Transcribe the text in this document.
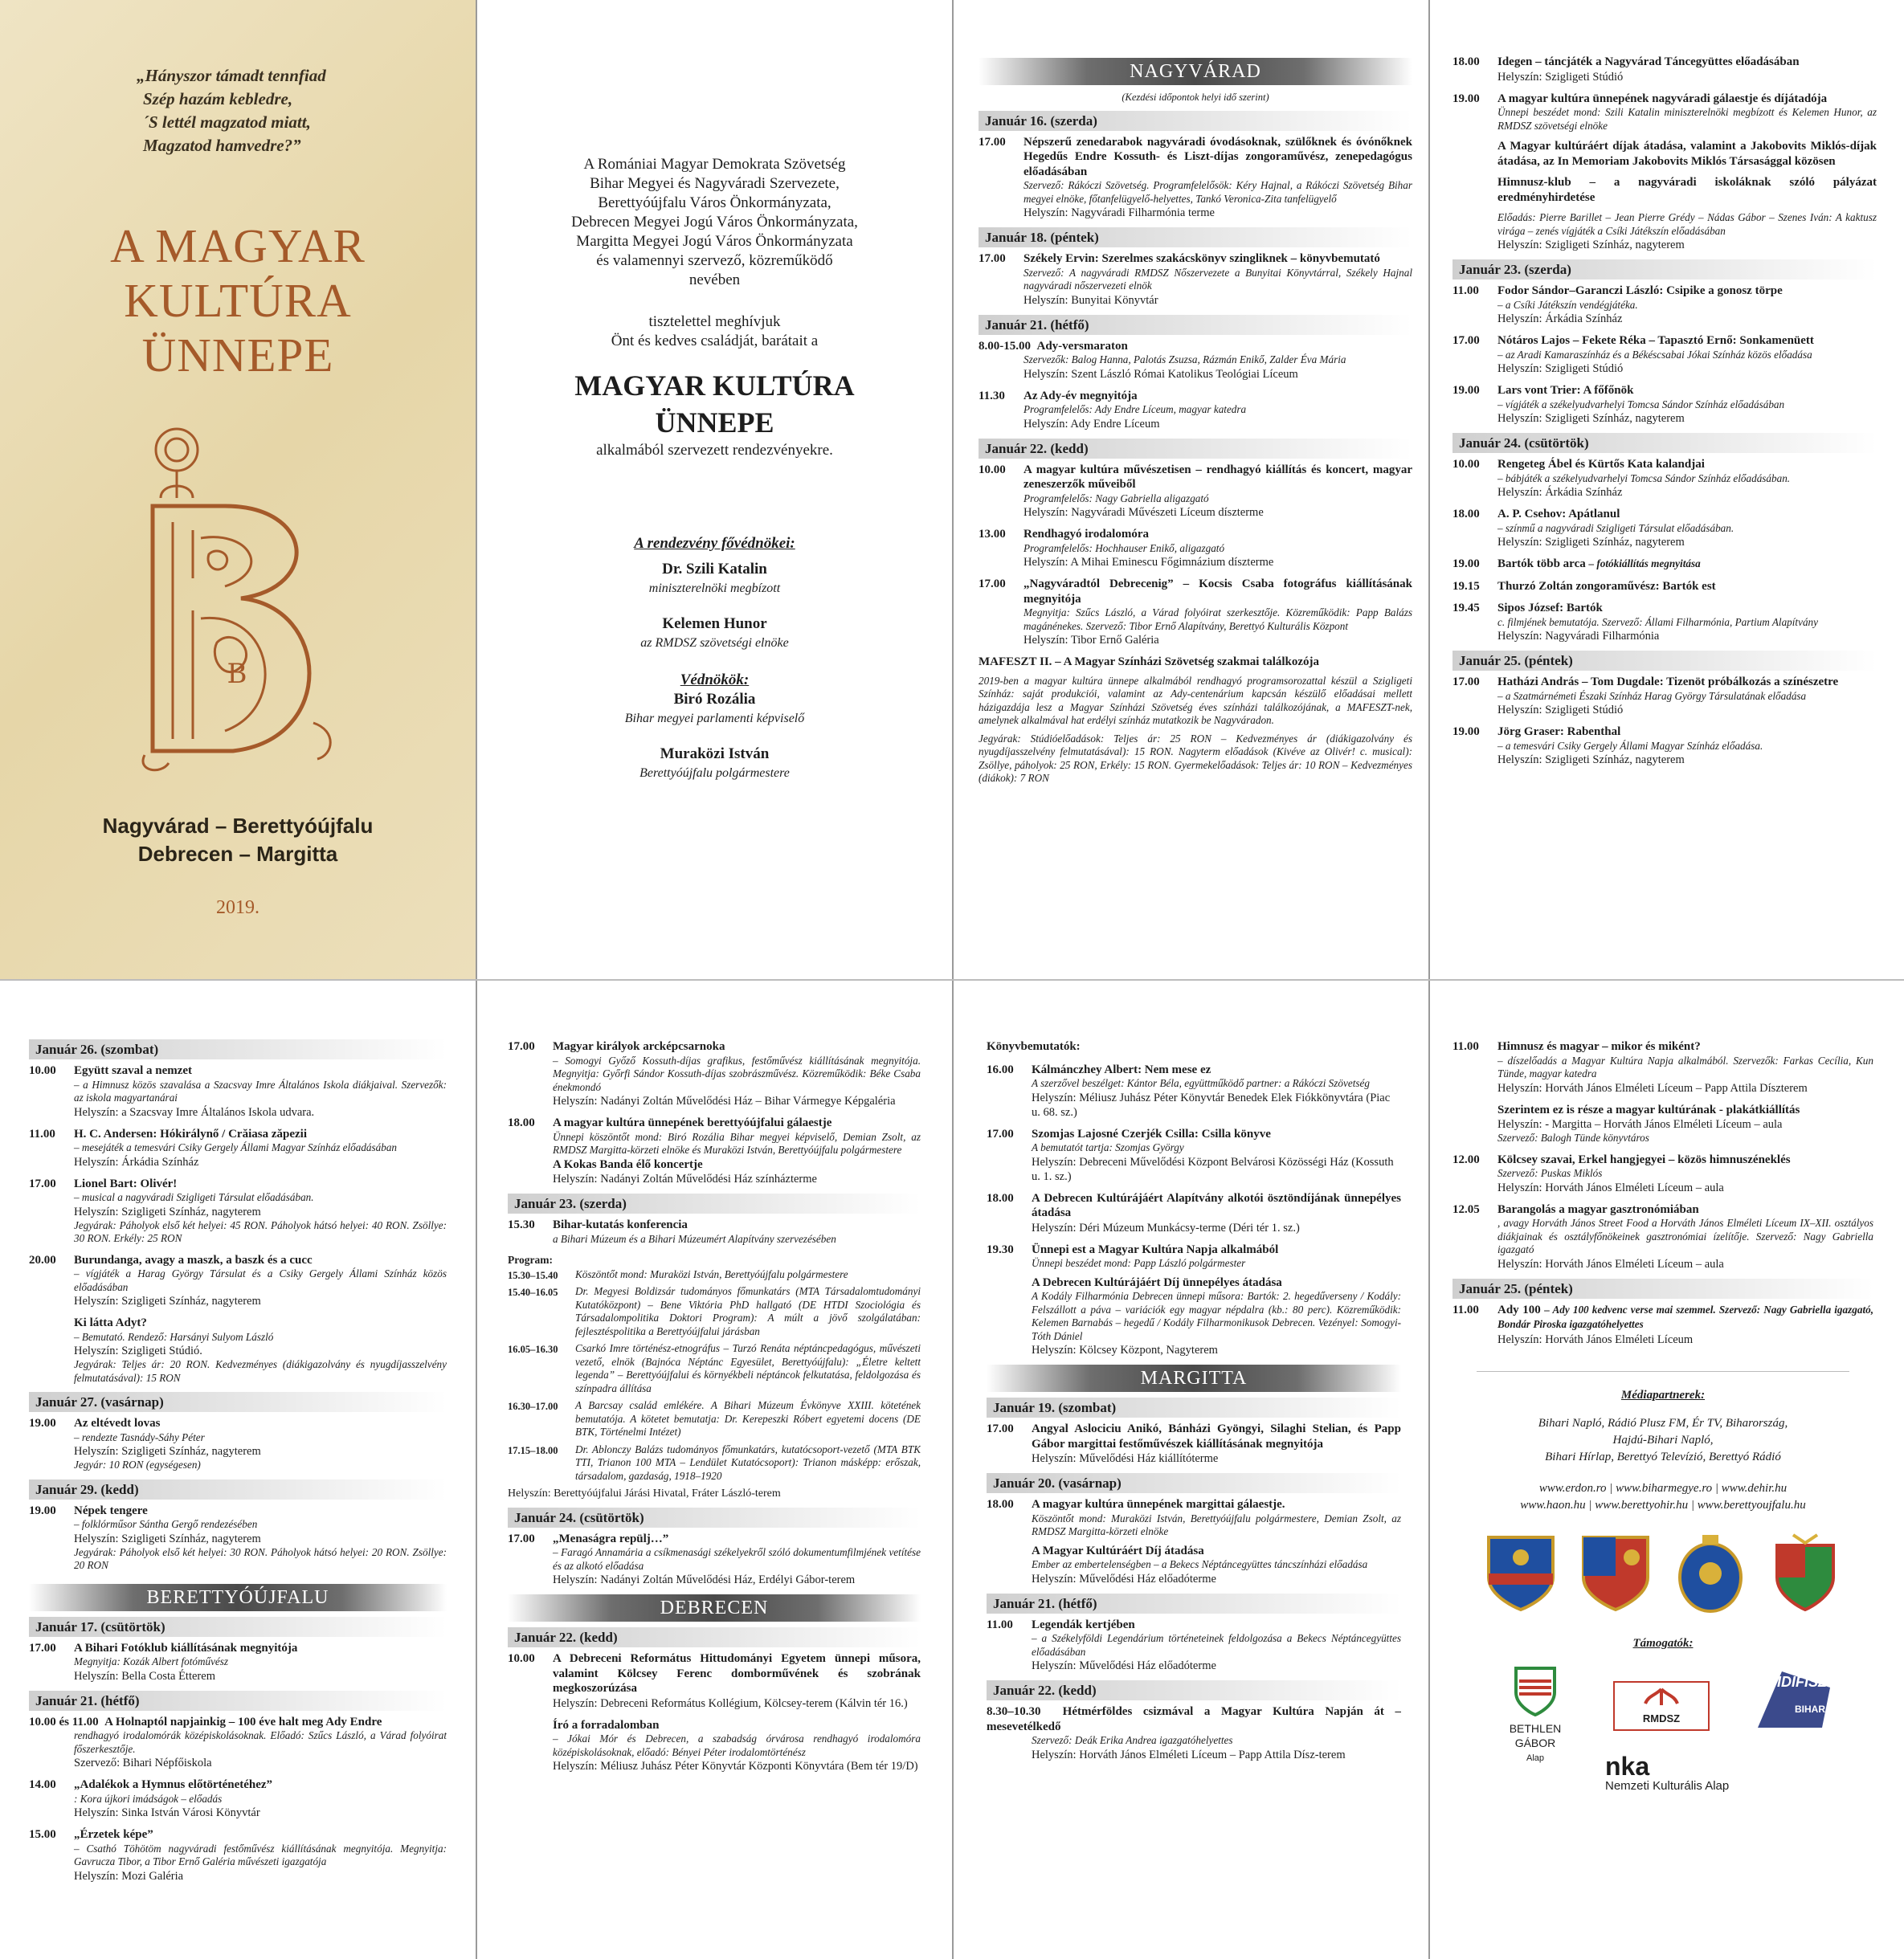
„Hányszor támadt tennfiad
Szép hazám kebledre,
´S lettél magzatod miatt,
Magzatod hamvedre?”
A MAGYAR
KULTÚRA
ÜNNEPE
B
Nagyvárad – Berettyóújfalu
Debrecen – Margitta
2019.
A Romániai Magyar Demokrata Szövetség
Bihar Megyei és Nagyváradi Szervezete,
Berettyóújfalu Város Önkormányzata,
Debrecen Megyei Jogú Város Önkormányzata,
Margitta Megyei Jogú Város Önkormányzata
és valamennyi szervező, közreműködő
nevében
tisztelettel meghívjuk
Önt és kedves családját, barátait a
MAGYAR KULTÚRA
ÜNNEPE
alkalmából szervezett rendezvényekre.
A rendezvény fővédnökei:
Dr. Szili Katalin
miniszterelnöki megbízott
Kelemen Hunor
az RMDSZ szövetségi elnöke
Védnökök:
Biró Rozália
Bihar megyei parlamenti képviselő
Muraközi István
Berettyóújfalu polgármestere
NAGYVÁRAD
(Kezdési időpontok helyi idő szerint)
Január 16. (szerda)
17.00 Népszerű zenedarabok nagyváradi óvodásoknak, szülőknek és óvónőknek Hegedűs Endre Kossuth- és Liszt-díjas zongoraművész, zenepedagógus előadásában
Szervező: Rákóczi Szövetség. Programfelelősök: Kéry Hajnal, a Rákóczi Szövetség Bihar megyei elnöke, főtanfelügyelő-helyettes, Tankó Veronica-Zita tanfelügyelő
Helyszín: Nagyváradi Filharmónia terme
Január 18. (péntek)
17.00 Székely Ervin: Szerelmes szakácskönyv szingliknek – könyvbemutató
Szervező: A nagyváradi RMDSZ Nőszervezete a Bunyitai Könyvtárral, Székely Hajnal nagyváradi nőszervezeti elnök
Helyszín: Bunyitai Könyvtár
Január 21. (hétfő)
8.00-15.00 Ady-versmaraton
Szervezők: Balog Hanna, Palotás Zsuzsa, Rázmán Enikő, Zalder Éva Mária
Helyszín: Szent László Római Katolikus Teológiai Líceum
11.30 Az Ady-év megnyitója
Programfelelős: Ady Endre Líceum, magyar katedra
Helyszín: Ady Endre Líceum
Január 22. (kedd)
10.00 A magyar kultúra művészetisen – rendhagyó kiállítás és koncert, magyar zeneszerzők műveiből
Programfelelős: Nagy Gabriella aligazgató
Helyszín: Nagyváradi Művészeti Líceum díszterme
13.00 Rendhagyó irodalomóra
Programfelelős: Hochhauser Enikő, aligazgató
Helyszín: A Mihai Eminescu Főgimnázium díszterme
17.00 „Nagyváradtól Debrecenig” – Kocsis Csaba fotográfus kiállításának megnyitója
Megnyitja: Szűcs László, a Várad folyóirat szerkesztője. Közreműködik: Papp Balázs magánénekes. Szervező: Tibor Ernő Alapítvány, Berettyó Kulturális Központ
Helyszín: Tibor Ernő Galéria
MAFESZT II. – A Magyar Színházi Szövetség szakmai találkozója
2019-ben a magyar kultúra ünnepe alkalmából rendhagyó programsorozattal készül a Szigligeti Színház: saját produkciói, valamint az Ady-centenárium kapcsán készülő előadásai mellett házigazdája lesz a Magyar Színházi Szövetség éves színházi találkozójának, a MAFESZT-nek, amelynek alkalmával hat erdélyi színház mutatkozik be Nagyváradon.
Jegyárak: Stúdióelőadások: Teljes ár: 25 RON – Kedvezményes ár (diákigazolvány és nyugdíjasszelvény felmutatásával): 15 RON. Nagyterm előadások (Kivéve az Olivér! c. musical): Zsöllye, páholyok: 25 RON, Erkély: 15 RON. Gyermekelőadások: Teljes ár: 10 RON – Kedvezményes (diákok): 7 RON
18.00 Idegen – táncjáték a Nagyvárad Táncegyüttes előadásában
Helyszín: Szigligeti Stúdió
19.00 A magyar kultúra ünnepének nagyváradi gálaestje és díjátadója
Ünnepi beszédet mond: Szili Katalin miniszterelnöki megbízott és Kelemen Hunor, az RMDSZ szövetségi elnöke
A Magyar kultúráért díjak átadása, valamint a Jakobovits Miklós-díjak átadása, az In Memoriam Jakobovits Miklós Társasággal közösen
Himnusz-klub – a nagyváradi iskoláknak szóló pályázat eredményhirdetése
Előadás: Pierre Barillet – Jean Pierre Grédy – Nádas Gábor – Szenes Iván: A kaktusz virága – zenés vígjáték a Csíki Játékszín előadásában
Helyszín: Szigligeti Színház, nagyterem
Január 23. (szerda)
11.00 Fodor Sándor–Garanczi László: Csipike a gonosz törpe
– a Csíki Játékszín vendégjátéka.
Helyszín: Árkádia Színház
17.00 Nótáros Lajos – Fekete Réka – Tapasztó Ernő: Sonkamenüett
– az Aradi Kamaraszínház és a Békéscsabai Jókai Színház közös előadása
Helyszín: Szigligeti Stúdió
19.00 Lars vont Trier: A főfőnök
– vígjáték a székelyudvarhelyi Tomcsa Sándor Színház előadásában
Helyszín: Szigligeti Színház, nagyterem
Január 24. (csütörtök)
10.00 Rengeteg Ábel és Kürtős Kata kalandjai
– bábjáték a székelyudvarhelyi Tomcsa Sándor Színház előadásában.
Helyszín: Árkádia Színház
18.00 A. P. Csehov: Apátlanul
– színmű a nagyváradi Szigligeti Társulat előadásában.
Helyszín: Szigligeti Színház, nagyterem
19.00 Bartók több arca – fotókiállítás megnyitása
19.15 Thurzó Zoltán zongoraművész: Bartók est
19.45 Sipos József: Bartók
c. filmjének bemutatója. Szervező: Állami Filharmónia, Partium Alapítvány
Helyszín: Nagyváradi Filharmónia
Január 25. (péntek)
17.00 Hatházi András – Tom Dugdale: Tizenöt próbálkozás a színészetre
– a Szatmárnémeti Északi Színház Harag György Társulatának előadása
Helyszín: Szigligeti Stúdió
19.00 Jörg Graser: Rabenthal
– a temesvári Csiky Gergely Állami Magyar Színház előadása.
Helyszín: Szigligeti Színház, nagyterem
Január 26. (szombat)
10.00 Együtt szaval a nemzet
– a Himnusz közös szavalása a Szacsvay Imre Általános Iskola diákjaival. Szervezők: az iskola magyartanárai
Helyszín: a Szacsvay Imre Általános Iskola udvara.
11.00 H. C. Andersen: Hókirálynő / Crăiasa zăpezii
– mesejáték a temesvári Csiky Gergely Állami Magyar Színház előadásában
Helyszín: Árkádia Színház
17.00 Lionel Bart: Olivér!
– musical a nagyváradi Szigligeti Társulat előadásában.
Helyszín: Szigligeti Színház, nagyterem
Jegyárak: Páholyok első két helyei: 45 RON. Páholyok hátsó helyei: 40 RON. Zsöllye: 30 RON. Erkély: 25 RON
20.00 Burundanga, avagy a maszk, a baszk és a cucc
– vígjáték a Harag György Társulat és a Csiky Gergely Állami Színház közös előadásában
Helyszín: Szigligeti Színház, nagyterem
Ki látta Adyt?
– Bemutató. Rendező: Harsányi Sulyom László
Helyszín: Szigligeti Stúdió.
Jegyárak: Teljes ár: 20 RON. Kedvezményes (diákigazolvány és nyugdíjasszelvény felmutatásával): 15 RON
Január 27. (vasárnap)
19.00 Az eltévedt lovas
– rendezte Tasnády-Sáhy Péter
Helyszín: Szigligeti Színház, nagyterem
Jegyár: 10 RON (egységesen)
Január 29. (kedd)
19.00 Népek tengere
– folklórműsor Sántha Gergő rendezésében
Helyszín: Szigligeti Színház, nagyterem
Jegyárak: Páholyok első két helyei: 30 RON. Páholyok hátsó helyei: 20 RON. Zsöllye: 20 RON
BERETTYÓÚJFALU
Január 17. (csütörtök)
17.00 A Bihari Fotóklub kiállításának megnyitója
Megnyitja: Kozák Albert fotóművész
Helyszín: Bella Costa Étterem
Január 21. (hétfő)
10.00 és 11.00 A Holnaptól napjainkig – 100 éve halt meg Ady Endre
rendhagyó irodalomórák középiskolásoknak. Előadó: Szűcs László, a Várad folyóirat főszerkesztője.
Szervező: Bihari Népfőiskola
14.00 „Adalékok a Hymnus előtörténetéhez”
: Kora újkori imádságok – előadás
Helyszín: Sinka István Városi Könyvtár
15.00 „Érzetek képe”
– Csathó Töhötöm nagyváradi festőművész kiállításának megnyitója. Megnyitja: Gavrucza Tibor, a Tibor Ernő Galéria művészeti igazgatója
Helyszín: Mozi Galéria
17.00 Magyar királyok arcképcsarnoka
– Somogyi Győző Kossuth-díjas grafikus, festőművész kiállításának megnyitója. Megnyitja: Győrfi Sándor Kossuth-díjas szobrászművész. Közreműködik: Béke Csaba énekmondó
Helyszín: Nadányi Zoltán Művelődési Ház – Bihar Vármegye Képgaléria
18.00 A magyar kultúra ünnepének berettyóújfalui gálaestje
Ünnepi köszöntőt mond: Biró Rozália Bihar megyei képviselő, Demian Zsolt, az RMDSZ Margitta-körzeti elnöke és Muraközi István, Berettyóújfalu polgármestere
A Kokas Banda élő koncertje
Helyszín: Nadányi Zoltán Művelődési Ház színházterme
Január 23. (szerda)
15.30 Bihar-kutatás konferencia
a Bihari Múzeum és a Bihari Múzeumért Alapítvány szervezésében
Program:
15.30–15.40 Köszöntőt mond: Muraközi István, Berettyóújfalu polgármestere
15.40–16.05 Dr. Megyesi Boldizsár tudományos főmunkatárs (MTA Társadalomtudományi Kutatóközpont) – Bene Viktória PhD hallgató (DE HTDI Szociológia és Társadalompolitika Doktori Program): A múlt a jövő szolgálatában: fejlesztéspolitika a Berettyóújfalui járásban
16.05–16.30 Csarkó Imre történész-etnográfus – Turzó Renáta néptáncpedagógus, művészeti vezető, elnök (Bajnóca Néptánc Egyesület, Berettyóújfalu): „Életre keltett legenda” – Berettyóújfalui és környékbeli néptáncok felkutatása, feldolgozása és színpadra állítása
16.30–17.00 A Barcsay család emlékére. A Bihari Múzeum Évkönyve XXIII. kötetének bemutatója. A kötetet bemutatja: Dr. Kerepeszki Róbert egyetemi docens (DE BTK, Történelmi Intézet)
17.15–18.00 Dr. Ablonczy Balázs tudományos főmunkatárs, kutatócsoport-vezető (MTA BTK TTI, Trianon 100 MTA – Lendület Kutatócsoport): Trianon másképp: erőszak, társadalom, gazdaság, 1918–1920
Helyszín: Berettyóújfalui Járási Hivatal, Fráter László-terem
Január 24. (csütörtök)
17.00 „Menaságra repülj…”
– Faragó Annamária a csíkmenasági székelyekről szóló dokumentumfilmjének vetítése és az alkotó előadása
Helyszín: Nadányi Zoltán Művelődési Ház, Erdélyi Gábor-terem
DEBRECEN
Január 22. (kedd)
10.00 A Debreceni Református Hittudományi Egyetem ünnepi műsora, valamint Kölcsey Ferenc domborművének és szobrának megkoszorúzása
Helyszín: Debreceni Református Kollégium, Kölcsey-terem (Kálvin tér 16.)
Író a forradalomban
– Jókai Mór és Debrecen, a szabadság órvárosa rendhagyó irodalomóra középiskolásoknak, előadó: Bényei Péter irodalomtörténész
Helyszín: Méliusz Juhász Péter Könyvtár Központi Könyvtára (Bem tér 19/D)
Könyvbemutatók:
16.00 Kálmánczhey Albert: Nem mese ez
A szerzővel beszélget: Kántor Béla, együttműködő partner: a Rákóczi Szövetség
Helyszín: Méliusz Juhász Péter Könyvtár Benedek Elek Fiókkönyvtára (Piac u. 68. sz.)
17.00 Szomjas Lajosné Czerjék Csilla: Csilla könyve
A bemutatót tartja: Szomjas György
Helyszín: Debreceni Művelődési Központ Belvárosi Közösségi Ház (Kossuth u. 1. sz.)
18.00 A Debrecen Kultúrájáért Alapítvány alkotói ösztöndíjának ünnepélyes átadása
Helyszín: Déri Múzeum Munkácsy-terme (Déri tér 1. sz.)
19.30 Ünnepi est a Magyar Kultúra Napja alkalmából
Ünnepi beszédet mond: Papp László polgármester
A Debrecen Kultúrájáért Díj ünnepélyes átadása
A Kodály Filharmónia Debrecen ünnepi műsora: Bartók: 2. hegedűverseny / Kodály: Felszállott a páva – variációk egy magyar népdalra (kb.: 80 perc). Közreműködik: Kelemen Barnabás – hegedű / Kodály Filharmonikusok Debrecen. Vezényel: Somogyi-Tóth Dániel
Helyszín: Kölcsey Központ, Nagyterem
MARGITTA
Január 19. (szombat)
17.00 Angyal Aslociciu Anikó, Bánházi Gyöngyi, Silaghi Stelian, és Papp Gábor margittai festőművészek kiállításának megnyitója
Helyszín: Művelődési Ház kiállítóterme
Január 20. (vasárnap)
18.00 A magyar kultúra ünnepének margittai gálaestje.
Köszöntőt mond: Muraközi István, Berettyóújfalu polgármestere, Demian Zsolt, az RMDSZ Margitta-körzeti elnöke
A Magyar Kultúráért Díj átadása
Ember az embertelenségben – a Bekecs Néptáncegyüttes táncszínházi előadása
Helyszín: Művelődési Ház előadóterme
Január 21. (hétfő)
11.00 Legendák kertjében
– a Székelyföldi Legendárium történeteinek feldolgozása a Bekecs Néptáncegyüttes előadásában
Helyszín: Művelődési Ház előadóterme
Január 22. (kedd)
8.30–10.30 Hétmérföldes csizmával a Magyar Kultúra Napján át – mesevetélkedő
Szervező: Deák Erika Andrea igazgatóhelyettes
Helyszín: Horváth János Elméleti Líceum – Papp Attila Dísz-terem
11.00 Himnusz és magyar – mikor és miként?
– díszelőadás a Magyar Kultúra Napja alkalmából. Szervezők: Farkas Cecília, Kun Tünde, magyar katedra
Helyszín: Horváth János Elméleti Líceum – Papp Attila Díszterem
Szerintem ez is része a magyar kultúrának - plakátkiállítás
Helyszín: - Margitta – Horváth János Elméleti Líceum – aula
Szervező: Balogh Tünde könyvtáros
12.00 Kölcsey szavai, Erkel hangjegyei – közös himnuszéneklés
Szervező: Puskas Miklós
Helyszín: Horváth János Elméleti Líceum – aula
12.05 Barangolás a magyar gasztronómiában
, avagy Horváth János Street Food a Horváth János Elméleti Líceum IX–XII. osztályos diákjainak és osztályfőnökeinek gasztronómiai ízelítője. Szervező: Nagy Gabriella igazgató
Helyszín: Horváth János Elméleti Líceum – aula
Január 25. (péntek)
11.00 Ady 100 – Ady 100 kedvenc verse mai szemmel. Szervező: Nagy Gabriella igazgató, Bondár Piroska igazgatóhelyettes
Helyszín: Horváth János Elméleti Líceum
Médiapartnerek:
Bihari Napló, Rádió Plusz FM, Ér TV, Biharország,
Hajdú-Bihari Napló,
Bihari Hírlap, Berettyó Televízió, Berettyó Rádió
www.erdon.ro | www.biharmegye.ro | www.dehir.hu
www.haon.hu | www.berettyohir.hu | www.berettyoujfalu.hu

Támogatók:
BETHLEN GÁBOR
Alap
RMDSZ
VIDIFISZ
BIHAR
nka
Nemzeti Kulturális Alap
